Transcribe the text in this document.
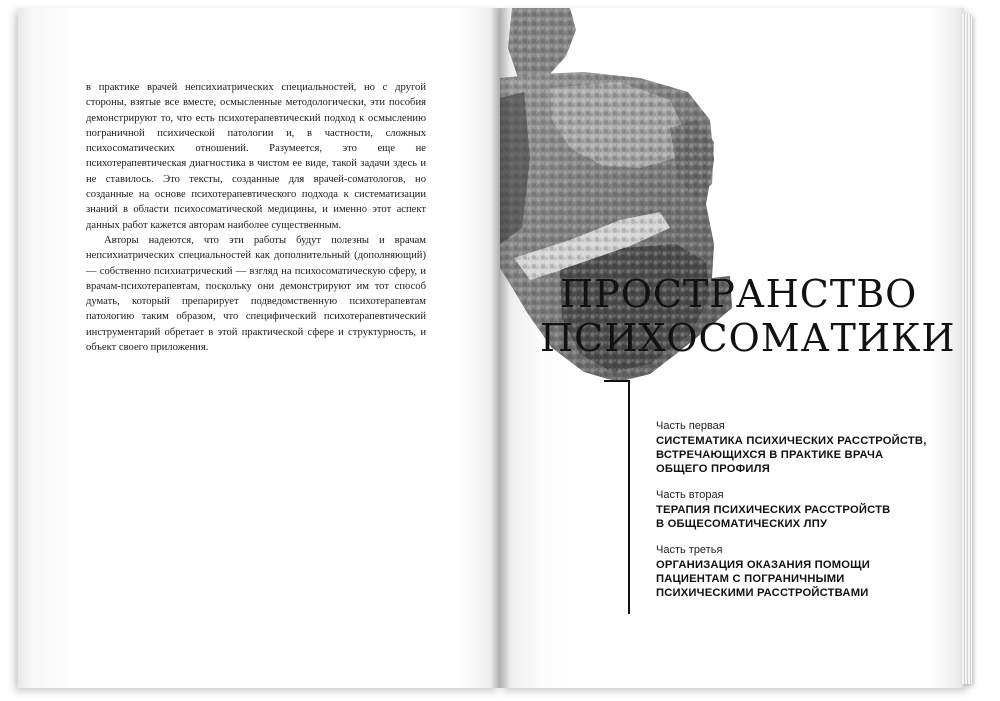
в практике врачей непсихиатрических специальностей, но с другой стороны, взятые все вместе, осмысленные методологически, эти пособия демонстрируют то, что есть психотерапевтический подход к осмыслению пограничной психической патологии и, в частности, сложных психосоматических отношений. Разумеется, это еще не психотерапевтическая диагностика в чистом ее виде, такой задачи здесь и не ставилось. Это тексты, созданные для врачей-соматологов, но созданные на основе психотерапевтического подхода к систематизации знаний в области психосоматической медицины, и именно этот аспект данных работ кажется авторам наиболее существенным.

Авторы надеются, что эти работы будут полезны и врачам непсихиатрических специальностей как дополнительный (дополняющий) — собственно психиатрический — взгляд на психосоматическую сферу, и врачам-психотерапевтам, поскольку они демонстрируют им тот способ думать, который препарирует подведомственную психотерапевтам патологию таким образом, что специфический психотерапевтический инструментарий обретает в этой практической сфере и структурность, и объект своего приложения.

ПРОСТРАНСТВО
ПСИХОСОМАТИКИ
Часть первая
СИСТЕМАТИКА ПСИХИЧЕСКИХ РАССТРОЙСТВ,
ВСТРЕЧАЮЩИХСЯ В ПРАКТИКЕ ВРАЧА
ОБЩЕГО ПРОФИЛЯ
Часть вторая
ТЕРАПИЯ ПСИХИЧЕСКИХ РАССТРОЙСТВ
В ОБЩЕСОМАТИЧЕСКИХ ЛПУ
Часть третья
ОРГАНИЗАЦИЯ ОКАЗАНИЯ ПОМОЩИ
ПАЦИЕНТАМ С ПОГРАНИЧНЫМИ
ПСИХИЧЕСКИМИ РАССТРОЙСТВАМИ
